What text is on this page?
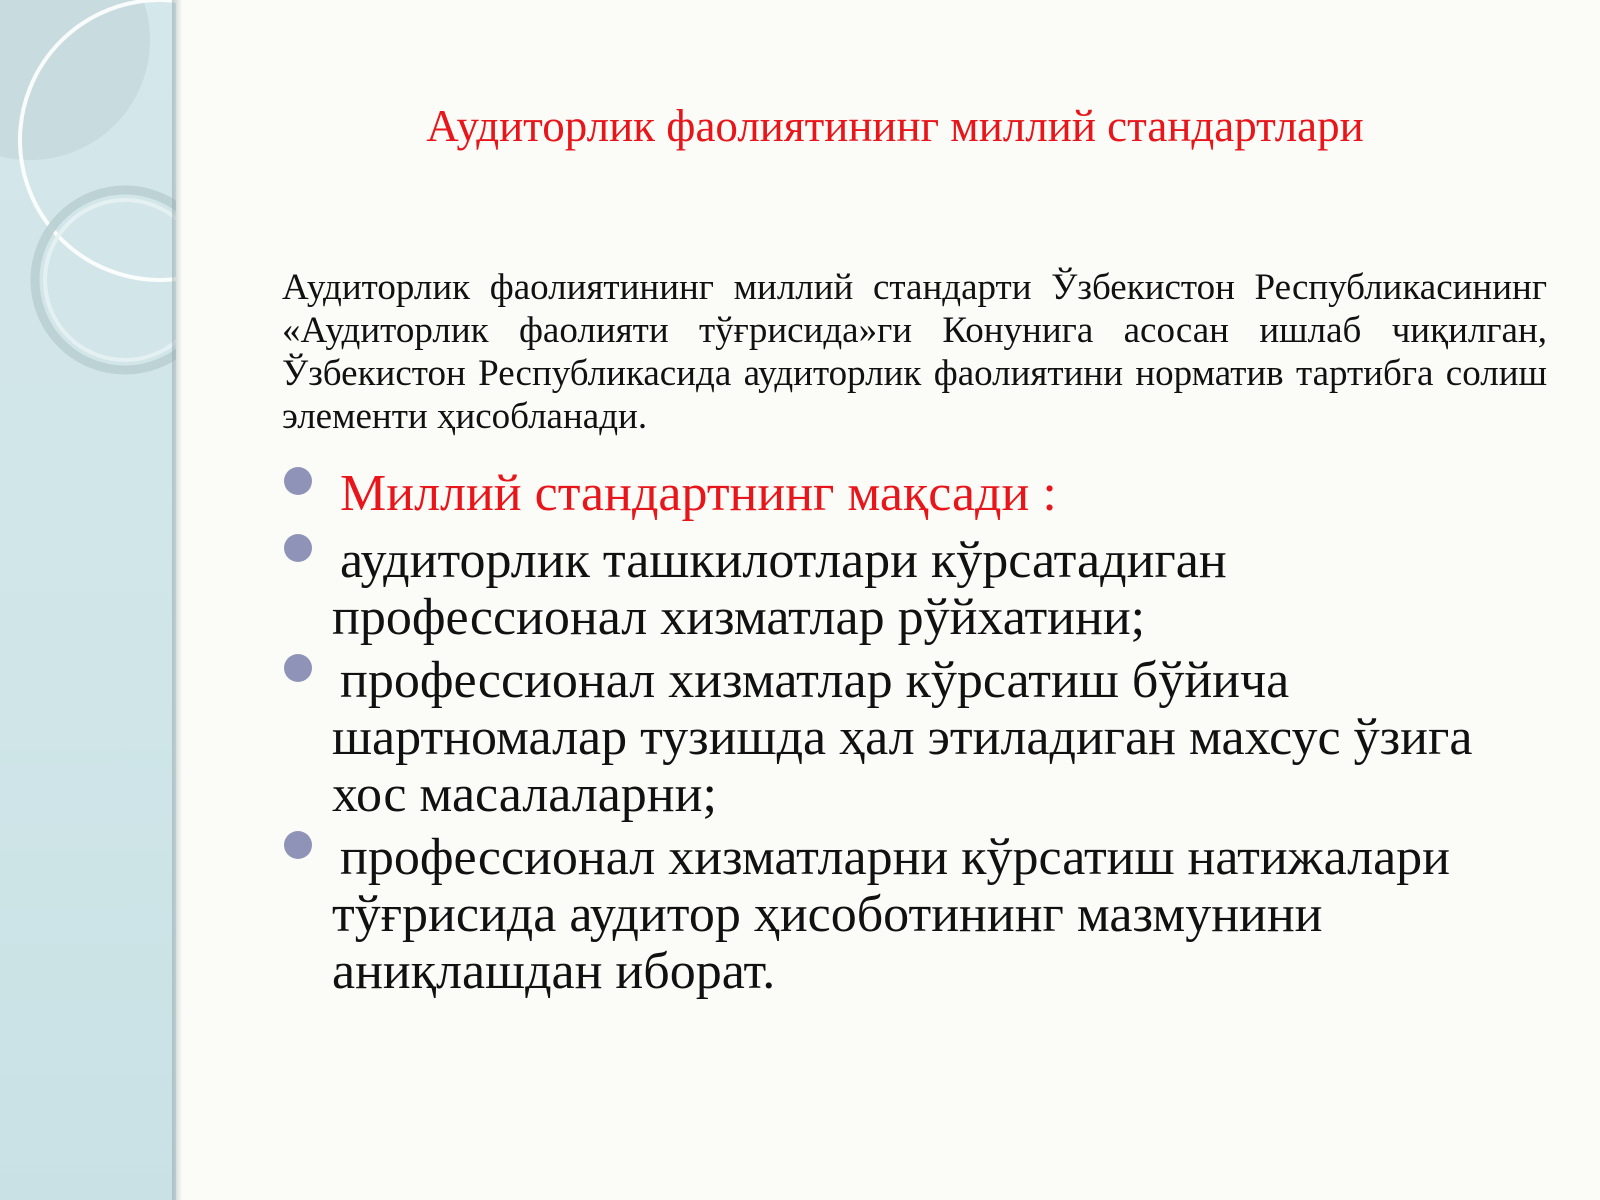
Аудиторлик фаолиятининг миллий стандартлари

Аудиторлик фаолиятининг миллий стандарти Ўзбекистон Республикасининг «Аудиторлик фаолияти тўғрисида»ги Конунига асосан ишлаб чиқилган, Ўзбекистон Республикасида аудиторлик фаолиятини норматив тартибга солиш элементи ҳисобланади.

Миллий стандартнинг мақсади :
аудиторлик ташкилотлари кўрсатадиган профессионал хизматлар рўйхатини;
профессионал хизматлар кўрсатиш бўйича шартномалар тузишда ҳал этиладиган махсус ўзига хос масалаларни;
профессионал хизматларни кўрсатиш натижалари тўғрисида аудитор ҳисоботининг мазмунини аниқлашдан иборат.
